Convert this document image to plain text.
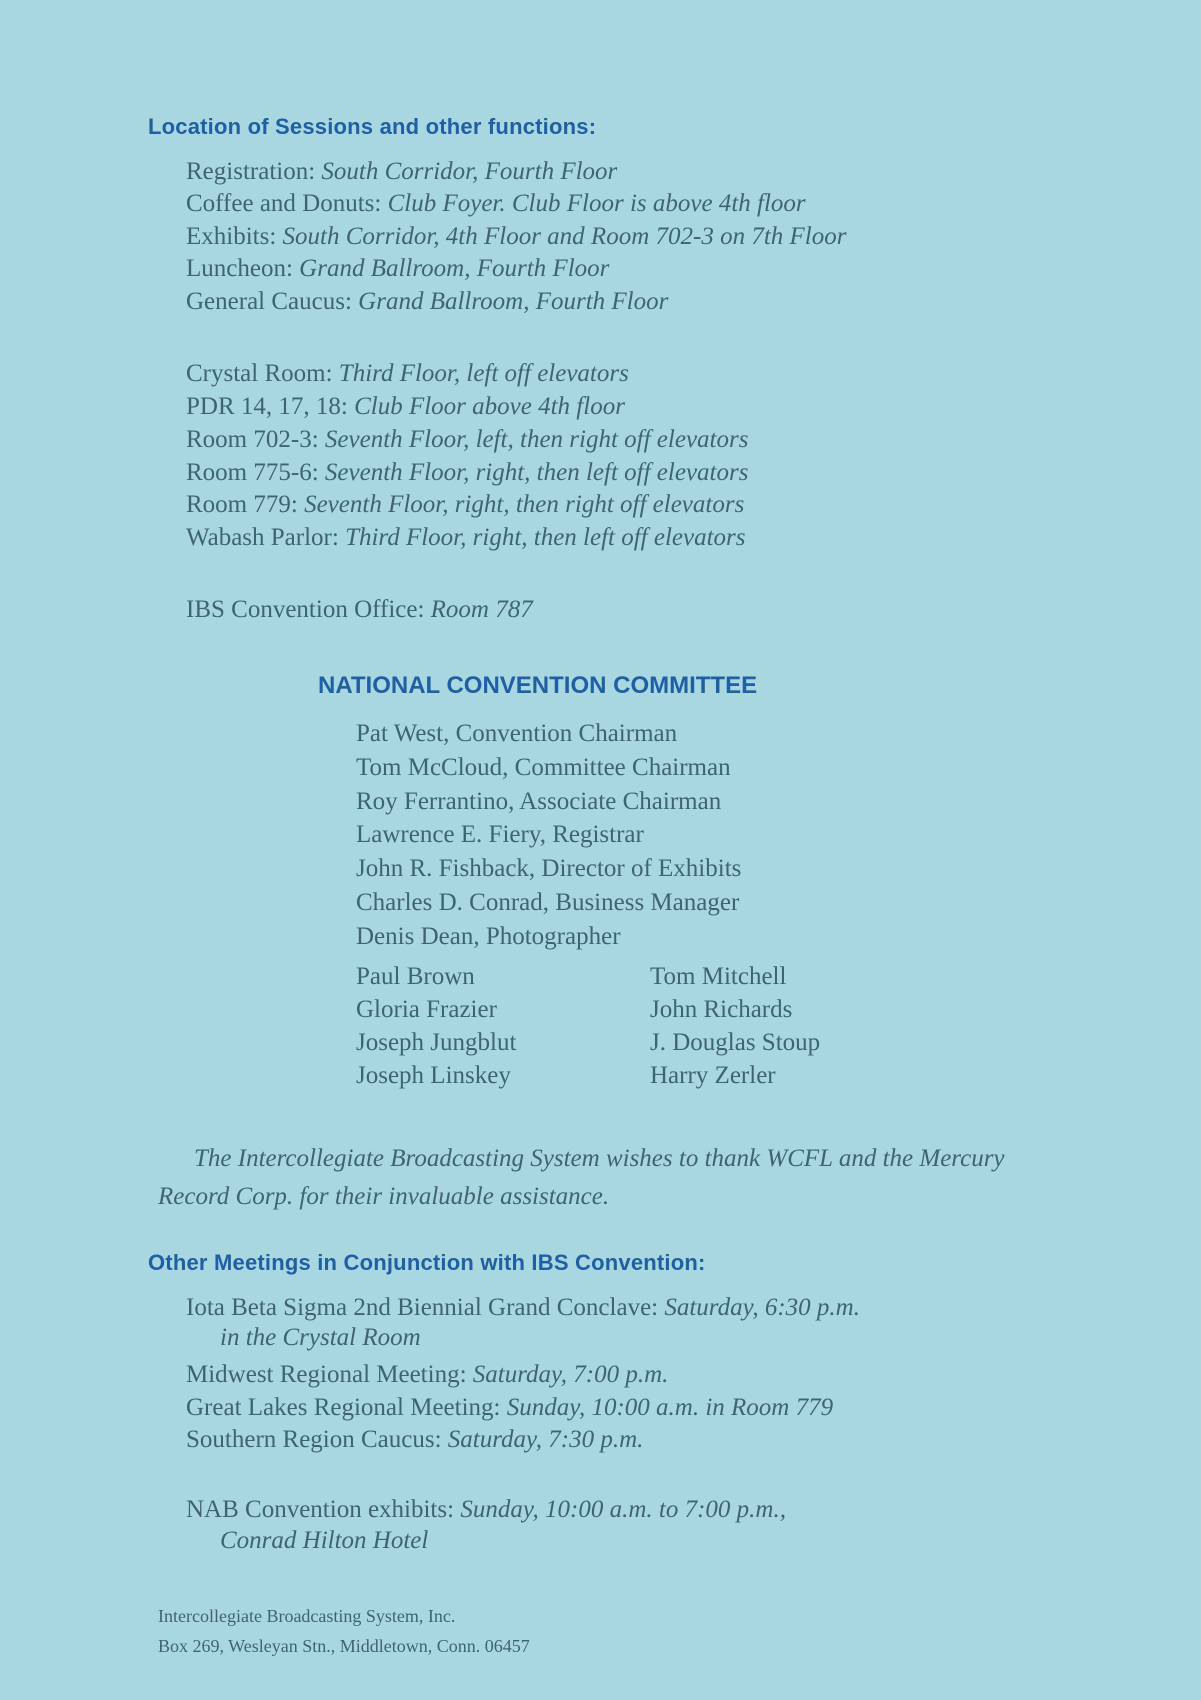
Location of Sessions and other functions:
Registration: South Corridor, Fourth Floor
Coffee and Donuts: Club Foyer. Club Floor is above 4th floor
Exhibits: South Corridor, 4th Floor and Room 702-3 on 7th Floor
Luncheon: Grand Ballroom, Fourth Floor
General Caucus: Grand Ballroom, Fourth Floor
Crystal Room: Third Floor, left off elevators
PDR 14, 17, 18: Club Floor above 4th floor
Room 702-3: Seventh Floor, left, then right off elevators
Room 775-6: Seventh Floor, right, then left off elevators
Room 779: Seventh Floor, right, then right off elevators
Wabash Parlor: Third Floor, right, then left off elevators
IBS Convention Office: Room 787
NATIONAL CONVENTION COMMITTEE
Pat West, Convention Chairman
Tom McCloud, Committee Chairman
Roy Ferrantino, Associate Chairman
Lawrence E. Fiery, Registrar
John R. Fishback, Director of Exhibits
Charles D. Conrad, Business Manager
Denis Dean, Photographer
Paul Brown
Gloria Frazier
Joseph Jungblut
Joseph Linskey
Tom Mitchell
John Richards
J. Douglas Stoup
Harry Zerler
The Intercollegiate Broadcasting System wishes to thank WCFL and the Mercury Record Corp. for their invaluable assistance.
Other Meetings in Conjunction with IBS Convention:
Iota Beta Sigma 2nd Biennial Grand Conclave: Saturday, 6:30 p.m.
in the Crystal Room
Midwest Regional Meeting: Saturday, 7:00 p.m.
Great Lakes Regional Meeting: Sunday, 10:00 a.m. in Room 779
Southern Region Caucus: Saturday, 7:30 p.m.
NAB Convention exhibits: Sunday, 10:00 a.m. to 7:00 p.m.,
Conrad Hilton Hotel
Intercollegiate Broadcasting System, Inc.
Box 269, Wesleyan Stn., Middletown, Conn. 06457
